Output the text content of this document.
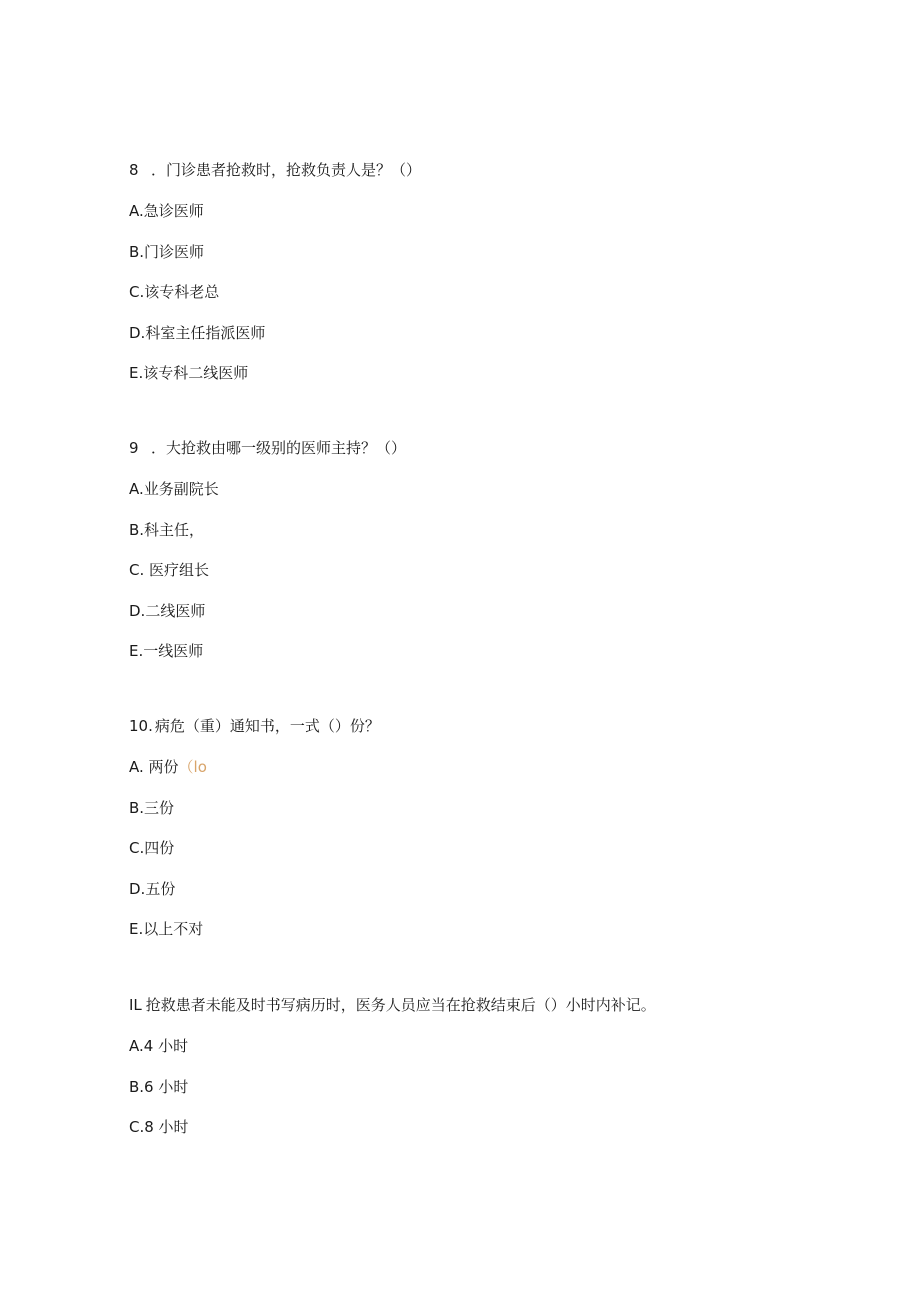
8 ．门诊患者抢救时，抢救负责人是？（）

A.急诊医师

B.门诊医师

C.该专科老总

D.科室主任指派医师

E.该专科二线医师

9 ．大抢救由哪一级别的医师主持？（）

A.业务副院长

B.科主任，

C. 医疗组长

D.二线医师

E.一线医师

10. 病危（重）通知书，一式（）份？

A. 两份（lo

B.三份

C.四份

D.五份

E.以上不对

IL 抢救患者未能及时书写病历时，医务人员应当在抢救结束后（）小时内补记。

A.4 小时

B.6 小时

C.8 小时
